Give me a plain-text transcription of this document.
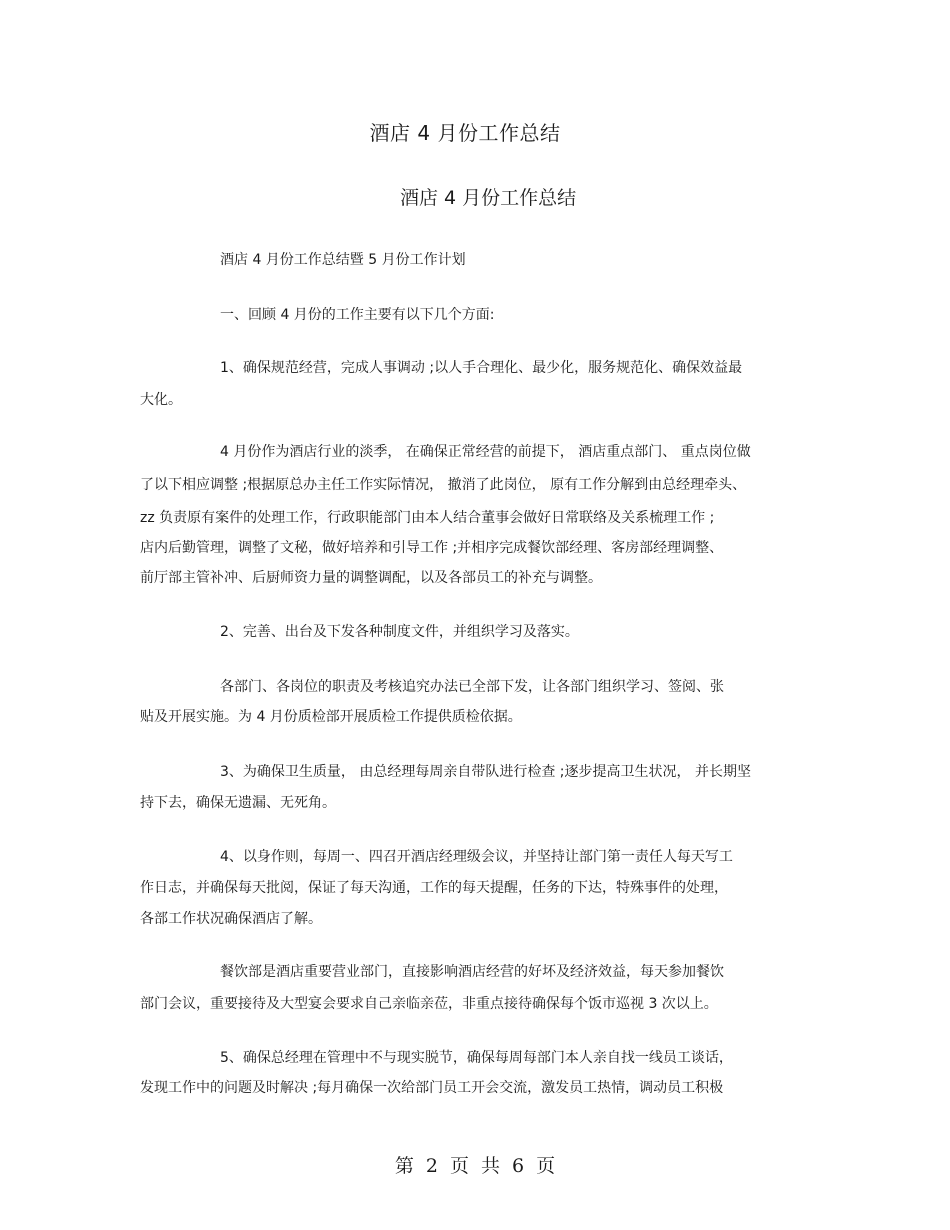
酒店 4 月份工作总结
酒店 4 月份工作总结
酒店 4 月份工作总结暨 5 月份工作计划
一、回顾 4 月份的工作主要有以下几个方面:
1、确保规范经营，完成人事调动 ;以人手合理化、最少化，服务规范化、确保效益最
大化。
4 月份作为酒店行业的淡季， 在确保正常经营的前提下， 酒店重点部门、 重点岗位做
了以下相应调整 ;根据原总办主任工作实际情况， 撤消了此岗位， 原有工作分解到由总经理牵头、
zz 负责原有案件的处理工作，行政职能部门由本人结合董事会做好日常联络及关系梳理工作 ;
店内后勤管理，调整了文秘，做好培养和引导工作 ;并相序完成餐饮部经理、客房部经理调整、
前厅部主管补冲、后厨师资力量的调整调配，以及各部员工的补充与调整。
2、完善、出台及下发各种制度文件，并组织学习及落实。
各部门、各岗位的职责及考核追究办法已全部下发，让各部门组织学习、签阅、张
贴及开展实施。为 4 月份质检部开展质检工作提供质检依据。
3、为确保卫生质量， 由总经理每周亲自带队进行检查 ;逐步提高卫生状况， 并长期坚
持下去，确保无遗漏、无死角。
4、以身作则，每周一、四召开酒店经理级会议，并坚持让部门第一责任人每天写工
作日志，并确保每天批阅，保证了每天沟通，工作的每天提醒，任务的下达，特殊事件的处理，
各部工作状况确保酒店了解。
餐饮部是酒店重要营业部门，直接影响酒店经营的好坏及经济效益，每天参加餐饮
部门会议，重要接待及大型宴会要求自己亲临亲莅，非重点接待确保每个饭市巡视 3 次以上。
5、确保总经理在管理中不与现实脱节，确保每周每部门本人亲自找一线员工谈话，
发现工作中的问题及时解决 ;每月确保一次给部门员工开会交流，激发员工热情，调动员工积极
第 2 页 共 6 页
